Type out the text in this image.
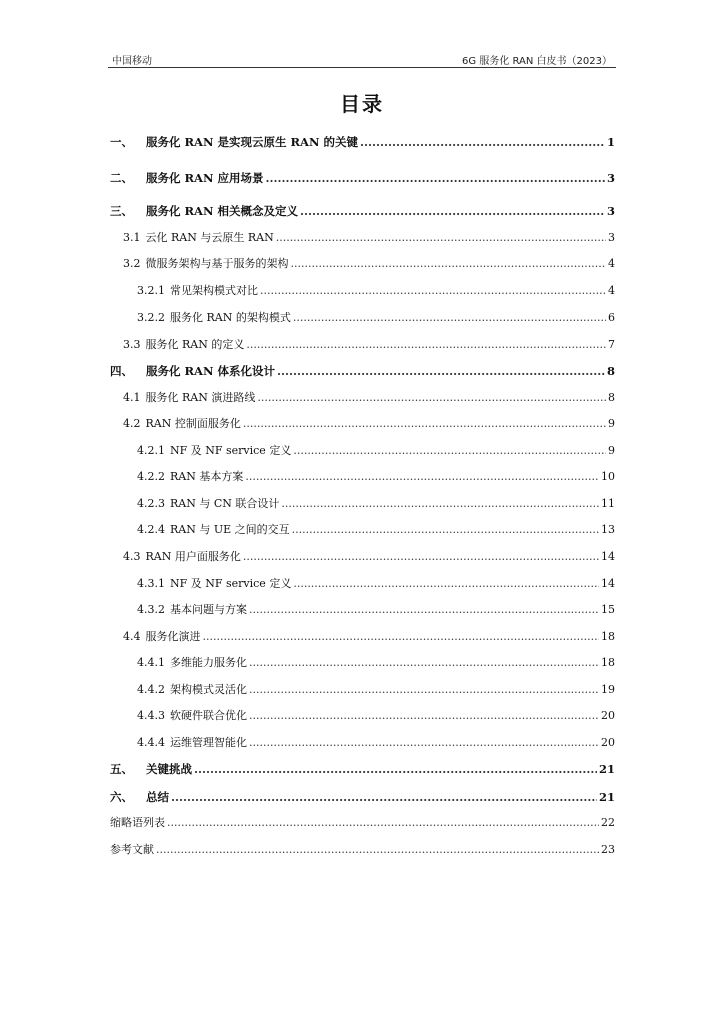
中国移动	6G 服务化 RAN 白皮书（2023）
目录
一、	服务化 RAN 是实现云原生 RAN 的关键 .....	1
二、	服务化 RAN 应用场景 .....	3
三、	服务化 RAN 相关概念及定义 .....	3
3.1 云化 RAN 与云原生 RAN .....	3
3.2 微服务架构与基于服务的架构 .....	4
3.2.1 常见架构模式对比 .....	4
3.2.2 服务化 RAN 的架构模式 .....	6
3.3 服务化 RAN 的定义 .....	7
四、	服务化 RAN 体系化设计 .....	8
4.1 服务化 RAN 演进路线 .....	8
4.2 RAN 控制面服务化 .....	9
4.2.1 NF 及 NF service 定义 .....	9
4.2.2 RAN 基本方案 .....	10
4.2.3 RAN 与 CN 联合设计 .....	11
4.2.4 RAN 与 UE 之间的交互 .....	13
4.3 RAN 用户面服务化 .....	14
4.3.1 NF 及 NF service 定义 .....	14
4.3.2 基本问题与方案 .....	15
4.4 服务化演进 .....	18
4.4.1 多维能力服务化 .....	18
4.4.2 架构模式灵活化 .....	19
4.4.3 软硬件联合优化 .....	20
4.4.4 运维管理智能化 .....	20
五、	关键挑战 .....	21
六、	总结 .....	21
缩略语列表 .....	22
参考文献 .....	23
